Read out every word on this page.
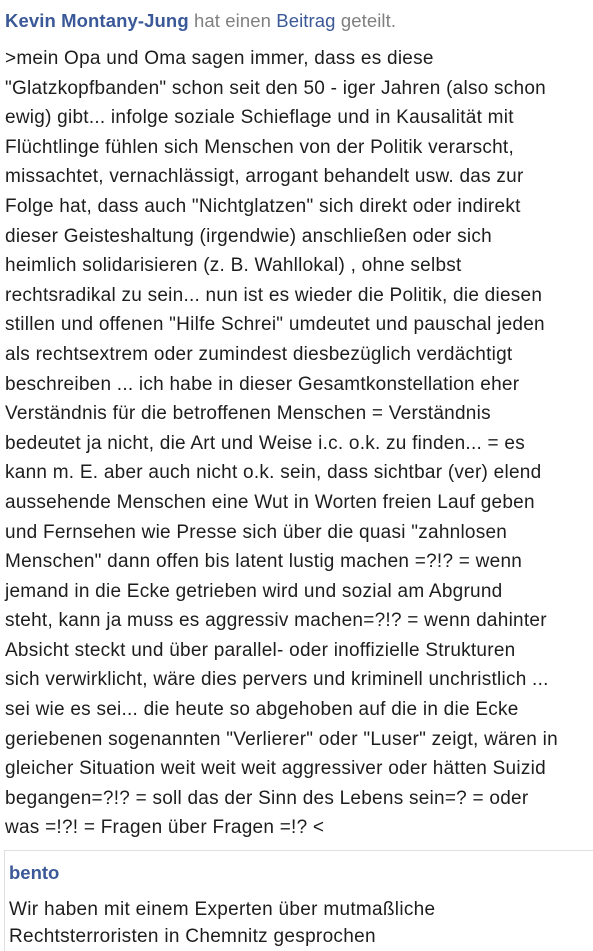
Kevin Montany-Jung hat einen Beitrag geteilt.
>mein Opa und Oma sagen immer, dass es diese
"Glatzkopfbanden" schon seit den 50 - iger Jahren (also schon
ewig) gibt... infolge soziale Schieflage und in Kausalität mit
Flüchtlinge fühlen sich Menschen von der Politik verarscht,
missachtet, vernachlässigt, arrogant behandelt usw. das zur
Folge hat, dass auch "Nichtglatzen" sich direkt oder indirekt
dieser Geisteshaltung (irgendwie) anschließen oder sich
heimlich solidarisieren (z. B. Wahllokal) , ohne selbst
rechtsradikal zu sein... nun ist es wieder die Politik, die diesen
stillen und offenen "Hilfe Schrei" umdeutet und pauschal jeden
als rechtsextrem oder zumindest diesbezüglich verdächtigt
beschreiben ... ich habe in dieser Gesamtkonstellation eher
Verständnis für die betroffenen Menschen = Verständnis
bedeutet ja nicht, die Art und Weise i.c. o.k. zu finden... = es
kann m. E. aber auch nicht o.k. sein, dass sichtbar (ver) elend
aussehende Menschen eine Wut in Worten freien Lauf geben
und Fernsehen wie Presse sich über die quasi "zahnlosen
Menschen" dann offen bis latent lustig machen =?!? = wenn
jemand in die Ecke getrieben wird und sozial am Abgrund
steht, kann ja muss es aggressiv machen=?!? = wenn dahinter
Absicht steckt und über parallel- oder inoffizielle Strukturen
sich verwirklicht, wäre dies pervers und kriminell unchristlich ...
sei wie es sei... die heute so abgehoben auf die in die Ecke
geriebenen sogenannten "Verlierer" oder "Luser" zeigt, wären in
gleicher Situation weit weit weit aggressiver oder hätten Suizid
begangen=?!? = soll das der Sinn des Lebens sein=? = oder
was =!?! = Fragen über Fragen =!? <
bento
Wir haben mit einem Experten über mutmaßliche
Rechtsterroristen in Chemnitz gesprochen
